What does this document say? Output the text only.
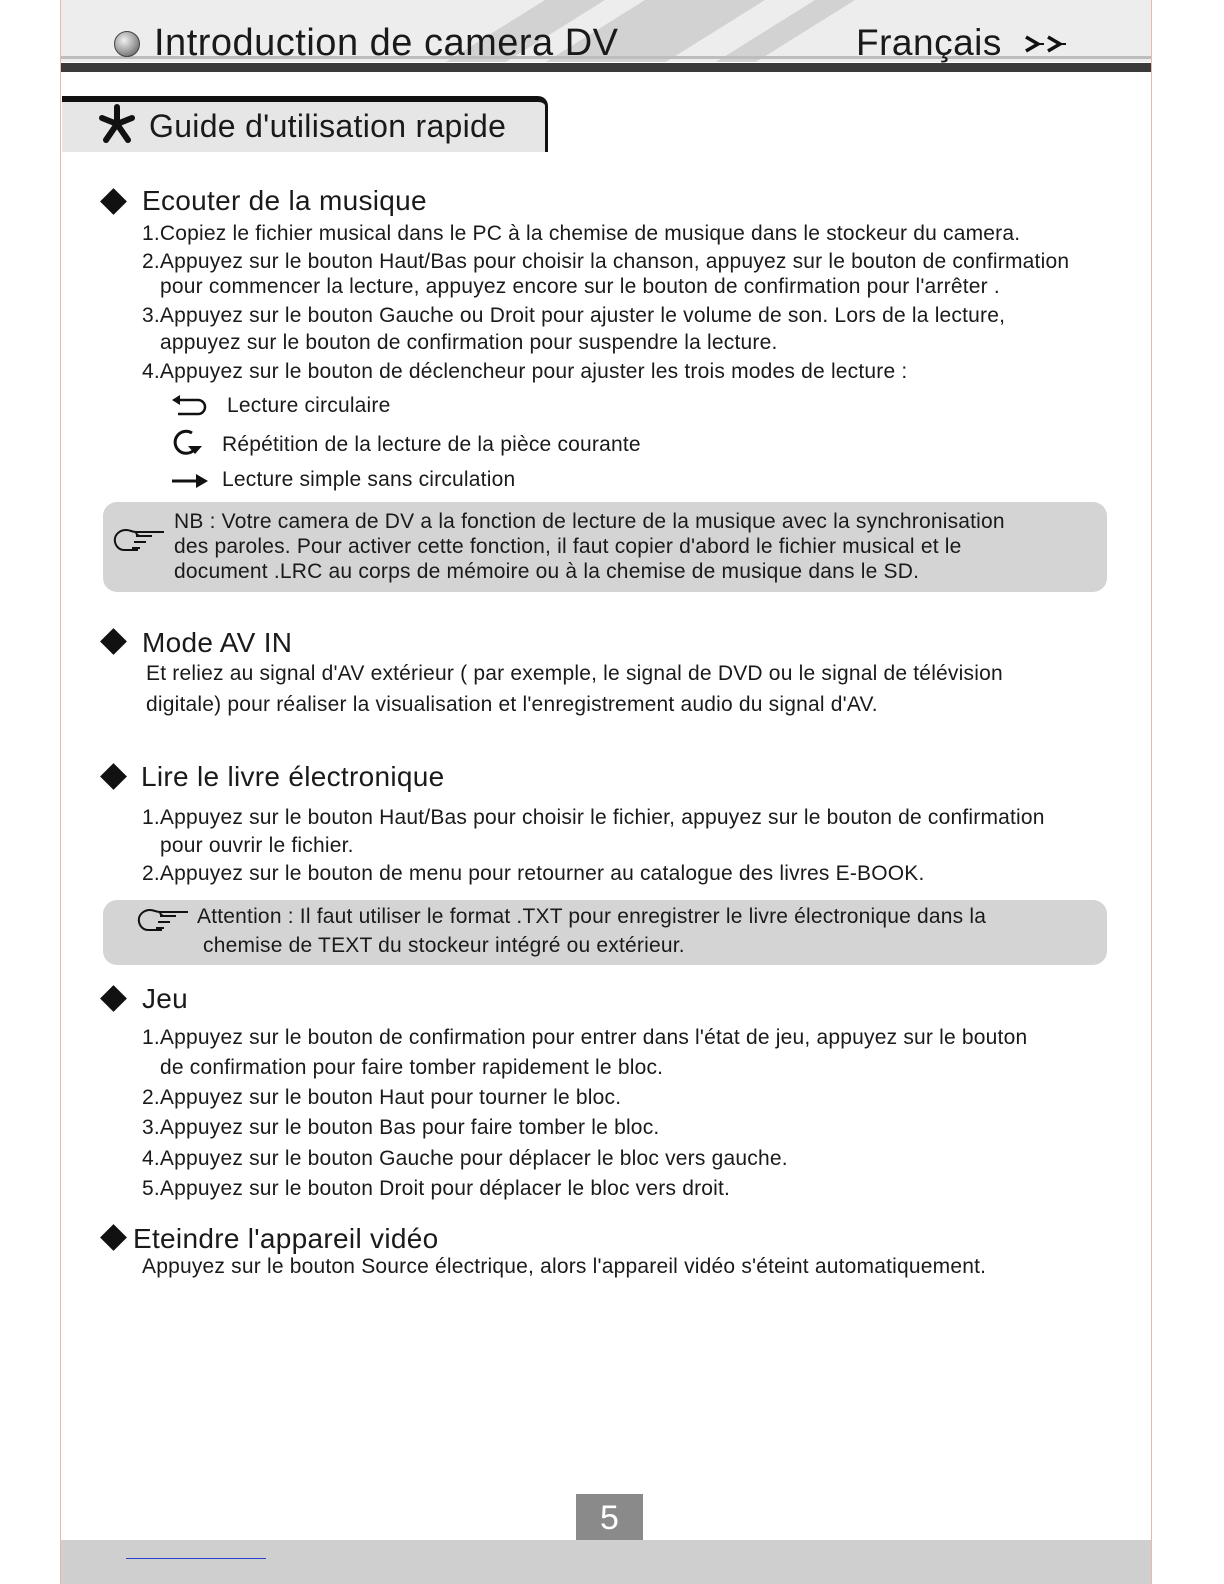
Introduction de camera DV	Français
Guide d'utilisation rapide
Ecouter de la musique
1.Copiez le fichier musical dans le PC à la chemise de musique dans le stockeur du camera.
2.Appuyez sur le bouton Haut/Bas pour choisir la chanson, appuyez sur le bouton de confirmation
pour commencer la lecture, appuyez encore sur le bouton de confirmation pour l'arrêter .
3.Appuyez sur le bouton Gauche ou Droit pour ajuster le volume de son. Lors de la lecture,
appuyez sur le bouton de confirmation pour suspendre la lecture.
4.Appuyez sur le bouton de déclencheur pour ajuster les trois modes de lecture :
Lecture circulaire
Répétition de la lecture de la pièce courante
Lecture simple sans circulation
NB : Votre camera de DV a la fonction de lecture de la musique avec la synchronisation
des paroles. Pour activer cette fonction, il faut copier d'abord le fichier musical et le
document .LRC au corps de mémoire ou à la chemise de musique dans le SD.
Mode AV IN
Et reliez au signal d'AV extérieur ( par exemple, le signal de DVD ou le signal de télévision
digitale) pour réaliser la visualisation et l'enregistrement audio du signal d'AV.
Lire le livre électronique
1.Appuyez sur le bouton Haut/Bas pour choisir le fichier, appuyez sur le bouton de confirmation
pour ouvrir le fichier.
2.Appuyez sur le bouton de menu pour retourner au catalogue des livres E-BOOK.
Attention : Il faut utiliser le format .TXT pour enregistrer le livre électronique dans la
chemise de TEXT du stockeur intégré ou extérieur.
Jeu
1.Appuyez sur le bouton de confirmation pour entrer dans l'état de jeu, appuyez sur le bouton
de confirmation pour faire tomber rapidement le bloc.
2.Appuyez sur le bouton Haut pour tourner le bloc.
3.Appuyez sur le bouton Bas pour faire tomber le bloc.
4.Appuyez sur le bouton Gauche pour déplacer le bloc vers gauche.
5.Appuyez sur le bouton Droit pour déplacer le bloc vers droit.
Eteindre l'appareil vidéo
Appuyez sur le bouton Source électrique, alors l'appareil vidéo s'éteint automatiquement.
5
